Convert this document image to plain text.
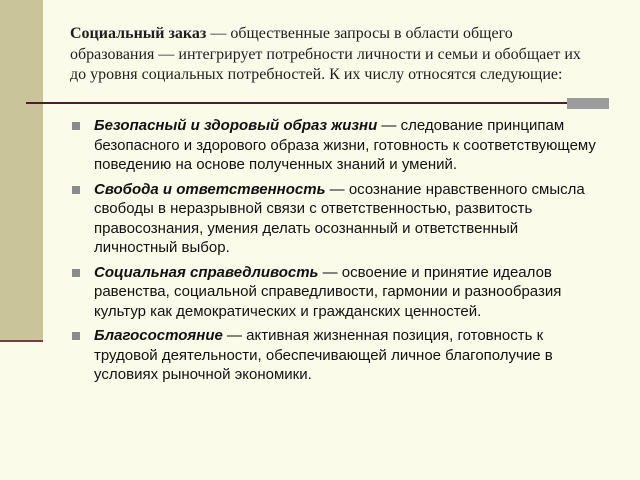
Социальный заказ — общественные запросы в области общего образования — интегрирует потребности личности и семьи и обобщает их до уровня социальных потребностей. К их числу относятся следующие:

Безопасный и здоровый образ жизни — следование принципам безопасного и здорового образа жизни, готовность к соответствующему поведению на основе полученных знаний и умений.
Свобода и ответственность — осознание нравственного смысла свободы в неразрывной связи с ответственностью, развитость правосознания, умения делать осознанный и ответственный личностный выбор.
Социальная справедливость — освоение и принятие идеалов равенства, социальной справедливости, гармонии и разнообразия культур как демократических и гражданских ценностей.
Благосостояние — активная жизненная позиция, готовность к трудовой деятельности, обеспечивающей личное благополучие в условиях рыночной экономики.
